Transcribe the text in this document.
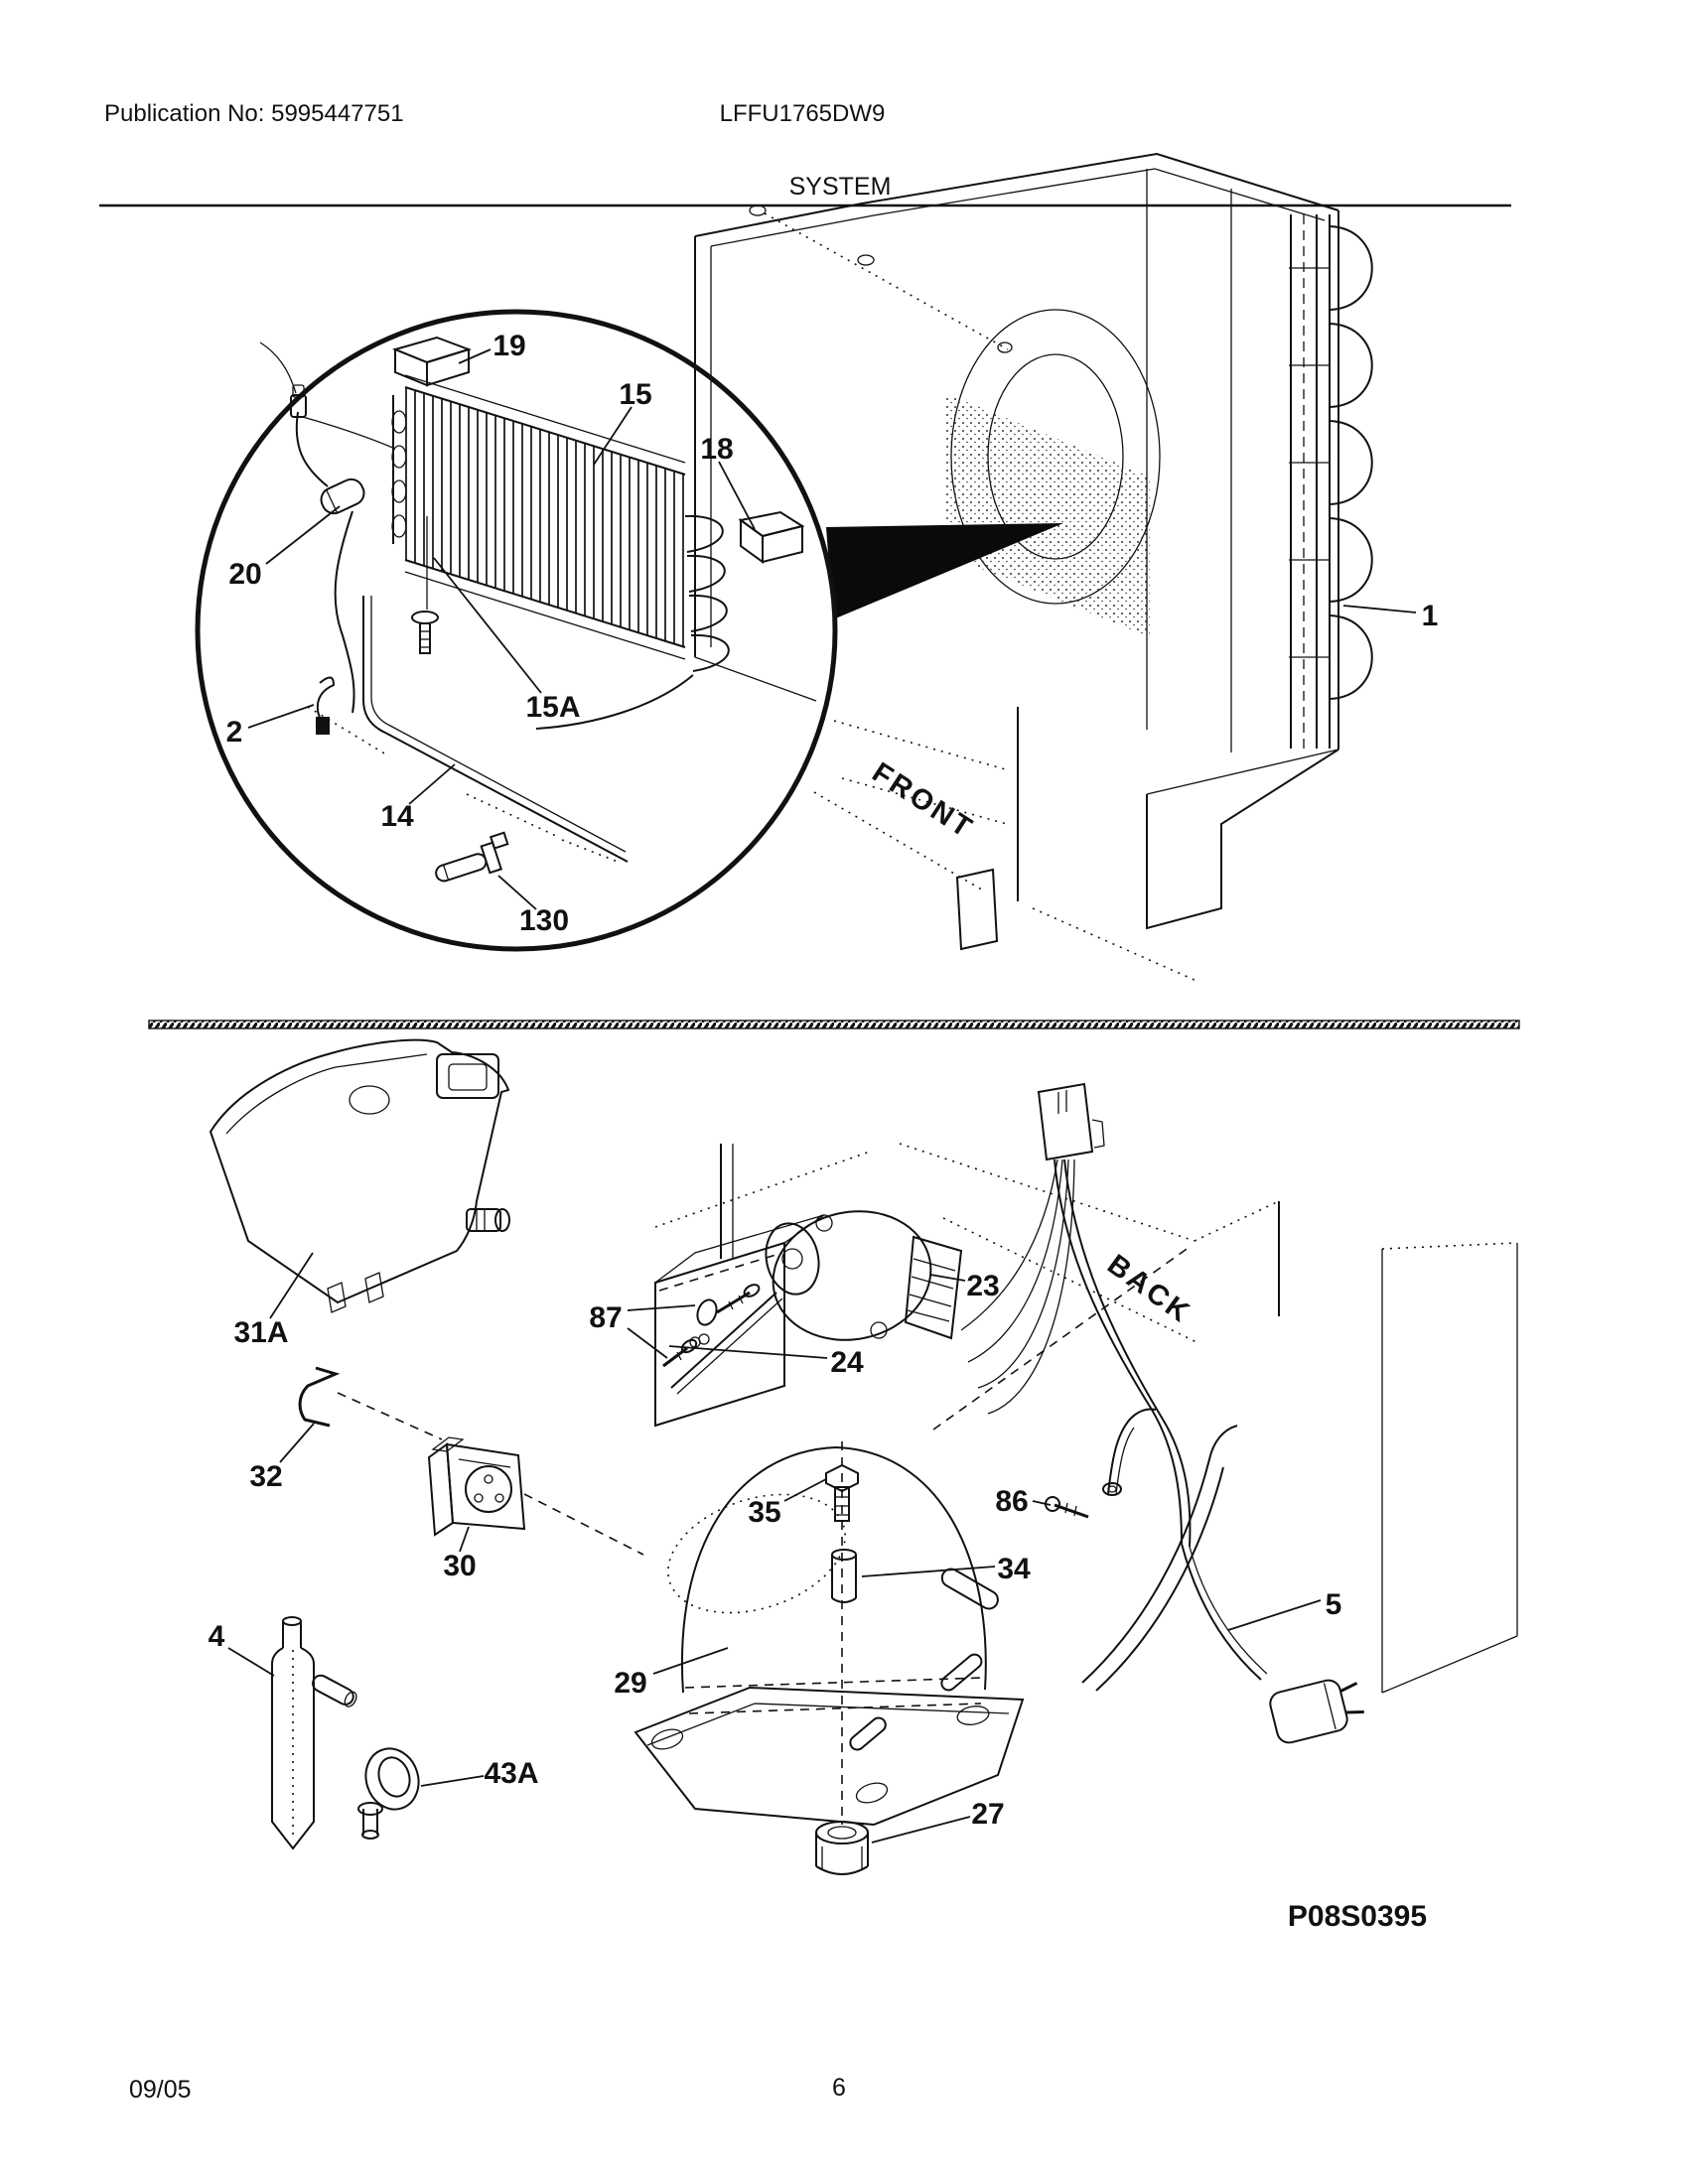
Publication No: 5995447751	LFFU1765DW9
SYSTEM
FRONT
19
15
18
20
2
15A
14
130
1
BACK
31A
32
87
23
24
30
35	86
34
29
5
4
43A
27
P08S0395
09/05	6
